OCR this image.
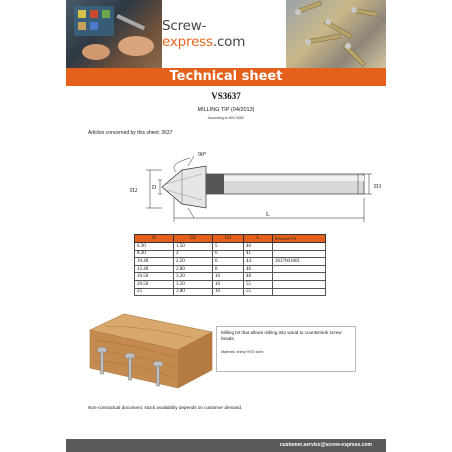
Screw-express.com
Technical sheet
VS3637
MILLING TIP (04/2013)
According to DIN 335C
Articles concerned by this sheet: 3637
90°
D2 D	D3
L
D	D2	D3	L	Reference S-X
6.30	1.50	5	40	
8.30	2	6	41	
10.40	2.50	6	44	3637001001
12.40	2.80	8	46	
16.50	3.20	10	48	
20.50	3.50	10	55	
25	3.80	10	55	
Milling bit that allows milling into wood to countersink screw heads.
Material: shiny HSS steel
Non-contractual document, stock availability depends on customer demand.
customer.service@screw-express.com
